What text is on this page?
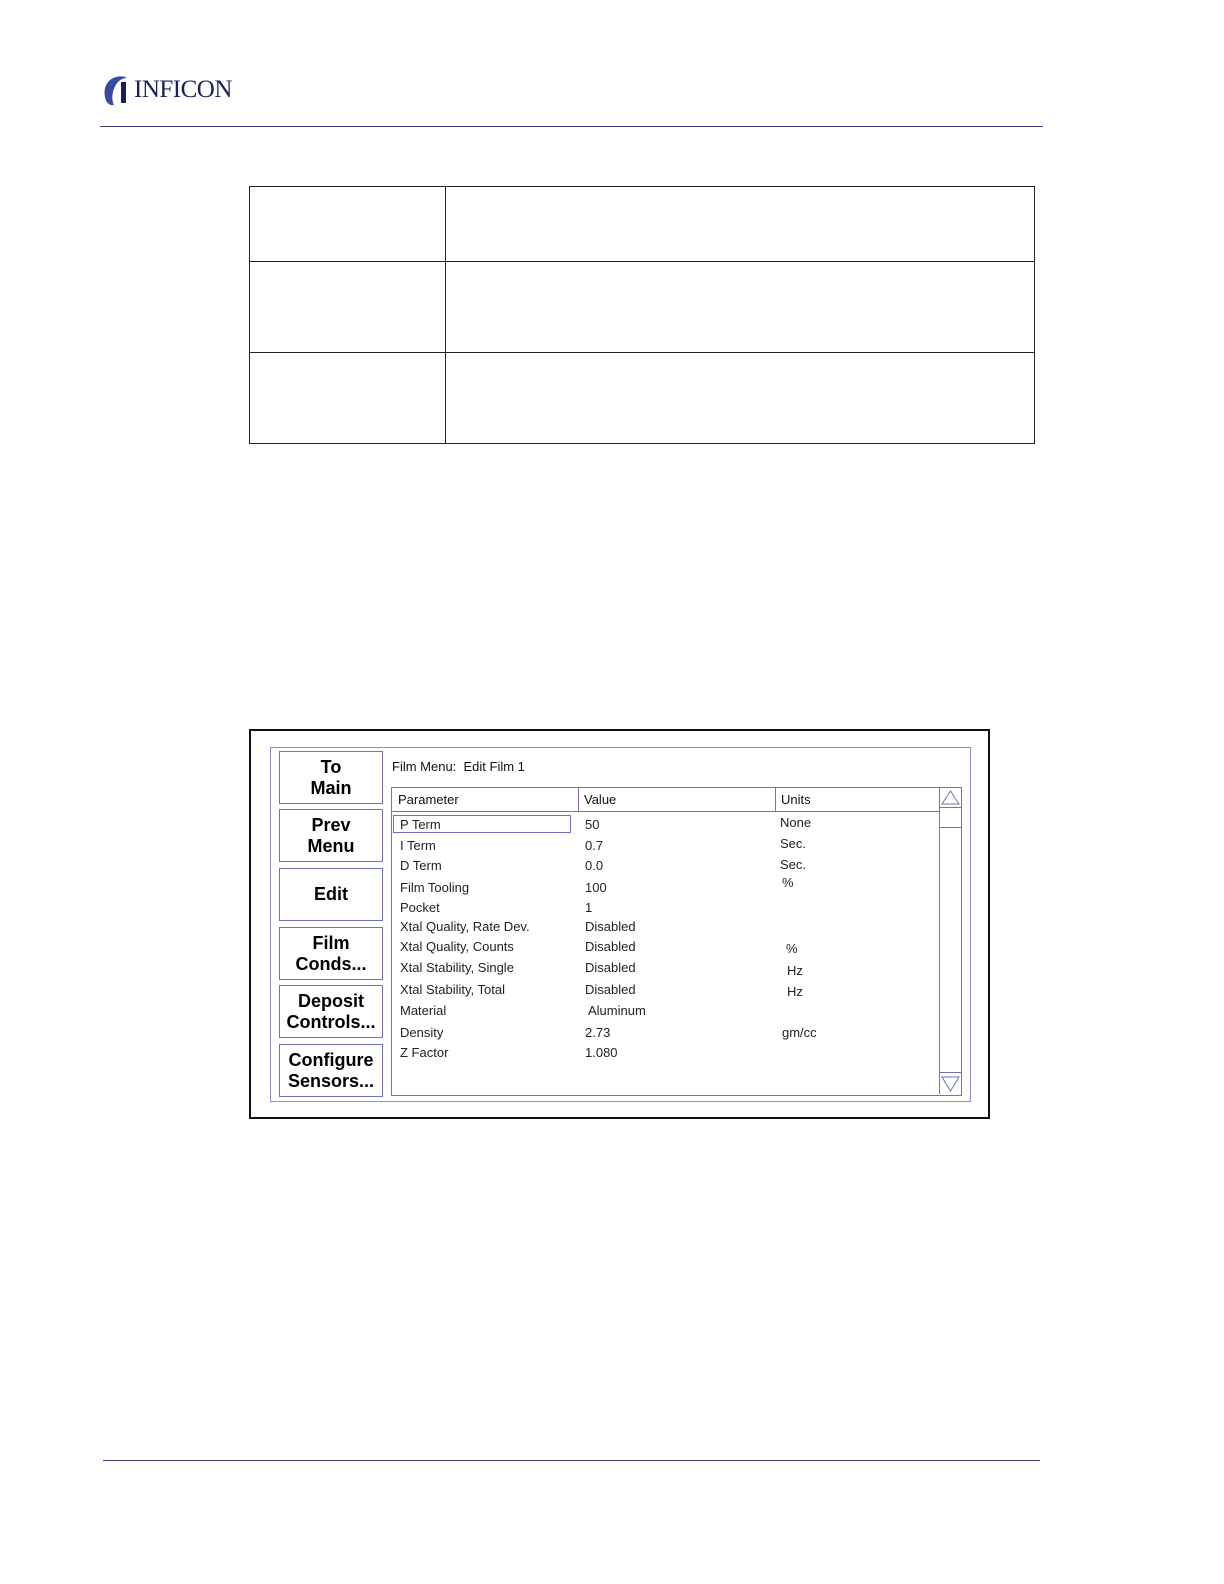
INFICON

To
Main
Prev
Menu
Edit
Film
Conds...
Deposit
Controls...
Configure
Sensors...
Film Menu:  Edit Film 1
Parameter	Value	Units
P Term	50	None
I Term	0.7	Sec.
D Term	0.0	Sec.
Film Tooling	100	%
Pocket	1
Xtal Quality, Rate Dev.	Disabled
Xtal Quality, Counts	Disabled	%
Xtal Stability, Single	Disabled	Hz
Xtal Stability, Total	Disabled	Hz
Material	Aluminum
Density	2.73	gm/cc
Z Factor	1.080
